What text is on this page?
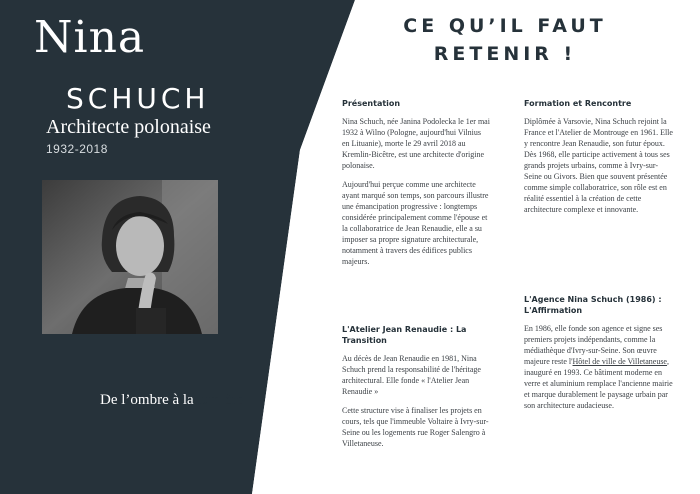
Nina
SCHUCH
Architecte polonaise
1932-2018
De l’ombre à la lumière
CE QU’IL FAUT
RETENIR !
Présentation

Nina Schuch, née Janina Podolecka le 1er mai 1932 à Wilno (Pologne, aujourd'hui Vilnius en Lituanie), morte le 29 avril 2018 au Kremlin-Bicêtre, est une architecte d'origine polonaise.

Aujourd'hui perçue comme une architecte ayant marqué son temps, son parcours illustre une émancipation progressive : longtemps considérée principalement comme l'épouse et la collaboratrice de Jean Renaudie, elle a su imposer sa propre signature architecturale, notamment à travers des édifices publics majeurs.

Formation et Rencontre

Diplômée à Varsovie, Nina Schuch rejoint la France et l'Atelier de Montrouge en 1961. Elle y rencontre Jean Renaudie, son futur époux. Dès 1968, elle participe activement à tous ses grands projets urbains, comme à Ivry-sur-Seine ou Givors. Bien que souvent présentée comme simple collaboratrice, son rôle est en réalité essentiel à la création de cette architecture complexe et innovante.

L'Atelier Jean Renaudie : La Transition

Au décès de Jean Renaudie en 1981, Nina Schuch prend la responsabilité de l'héritage architectural. Elle fonde « l'Atelier Jean Renaudie »

Cette structure vise à finaliser les projets en cours, tels que l'immeuble Voltaire à Ivry-sur-Seine ou les logements rue Roger Salengro à Villetaneuse.

L'Agence Nina Schuch (1986) : L'Affirmation

En 1986, elle fonde son agence et signe ses premiers projets indépendants, comme la médiathèque d'Ivry-sur-Seine. Son œuvre majeure reste l'Hôtel de ville de Villetaneuse, inauguré en 1993. Ce bâtiment moderne en verre et aluminium remplace l'ancienne mairie et marque durablement le paysage urbain par son architecture audacieuse.
